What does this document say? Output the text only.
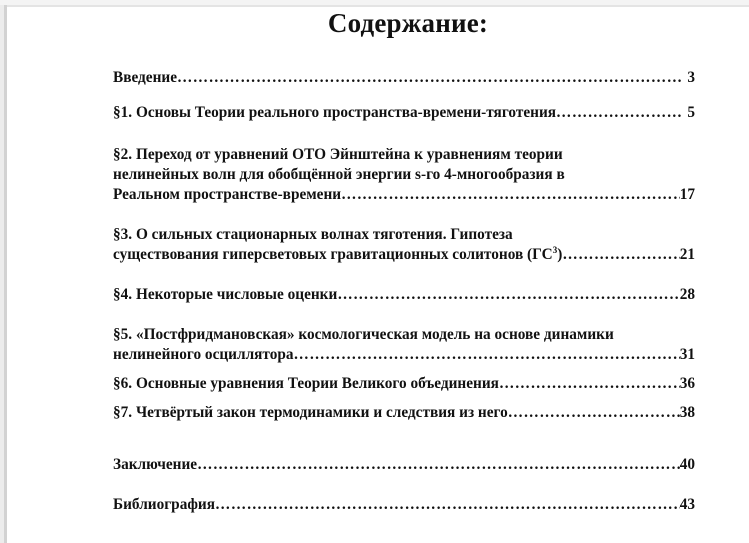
Содержание:
Введение ………………………………………………………………………………………………………………………………………………………………	3
§1. Основы Теории реального пространства-времени-тяготения ………………………………………………………………………………………………………………………………………………………………	5
§2. Переход от уравнений ОТО Эйнштейна к уравнениям теории
нелинейных волн для обобщённой энергии s-го 4-многообразия в
Реальном пространстве-времени ………………………………………………………………………………………………………………………………………………………………	17
§3. О сильных стационарных волнах тяготения. Гипотеза
существования гиперсветовых гравитационных солитонов $(ГС^3)$ ………………………………………………………………………………………………………………………………………………………………	21
§4. Некоторые числовые оценки ………………………………………………………………………………………………………………………………………………………………	28
§5. «Постфридмановская» космологическая модель на основе динамики
нелинейного осциллятора ………………………………………………………………………………………………………………………………………………………………	31
§6. Основные уравнения Теории Великого объединения ………………………………………………………………………………………………………………………………………………………………	36
§7. Четвёртый закон термодинамики и следствия из него ………………………………………………………………………………………………………………………………………………………………	38
Заключение ………………………………………………………………………………………………………………………………………………………………	40
Библиография ………………………………………………………………………………………………………………………………………………………………	43
